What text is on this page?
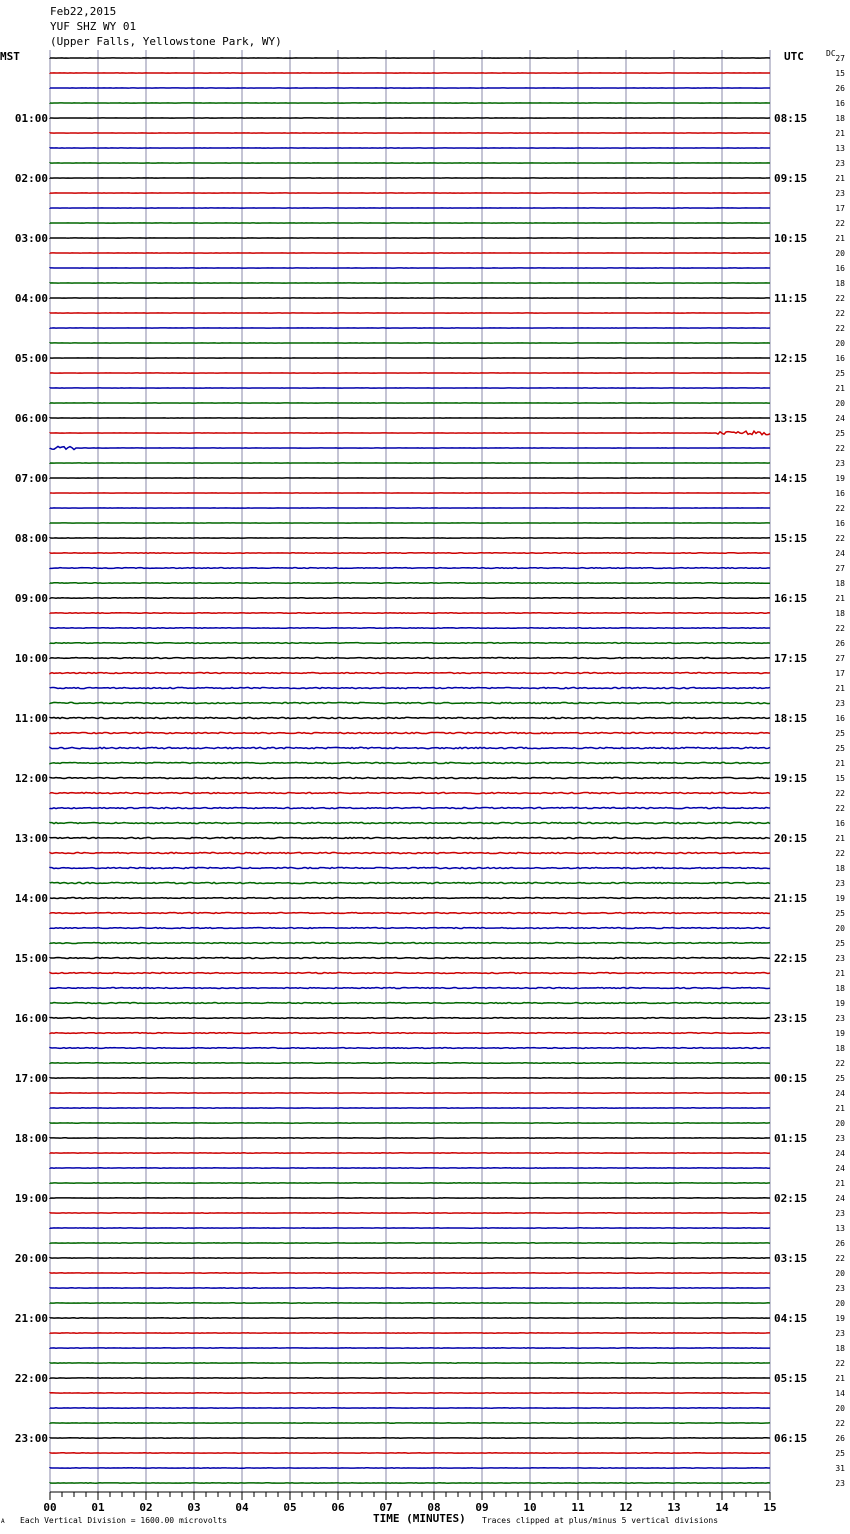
Feb22,2015
YUF SHZ WY 01
(Upper Falls, Yellowstone Park, WY)
MST	UTC	DC
27
15
26
16
18
21
13
23
21
23
17
22
21
20
16
18
22
22
22
20
16
25
21
20
24
25
22
23
19
16
22
16
22
24
27
18
21
18
22
26
27
17
21
23
16
25
25
21
15
22
22
16
21
22
18
23
19
25
20
25
23
21
18
19
23
19
18
22
25
24
21
20
23
24
24
21
24
23
13
26
22
20
23
20
19
23
18
22
21
14
20
22
26
25
31
23
01:00
02:00
03:00
04:00
05:00
06:00
07:00
08:00
09:00
10:00
11:00
12:00
13:00
14:00
15:00
16:00
17:00
18:00
19:00
20:00
21:00
22:00
23:00
08:15
09:15
10:15
11:15
12:15
13:15
14:15
15:15
16:15
17:15
18:15
19:15
20:15
21:15
22:15
23:15
00:15
01:15
02:15
03:15
04:15
05:15
06:15
00	01	02	03	04	05	06	07	08	09	10	11	12	13	14	15
TIME (MINUTES)
Each Vertical Division = 1600.00 microvolts	Traces clipped at plus/minus 5 vertical divisions
A
